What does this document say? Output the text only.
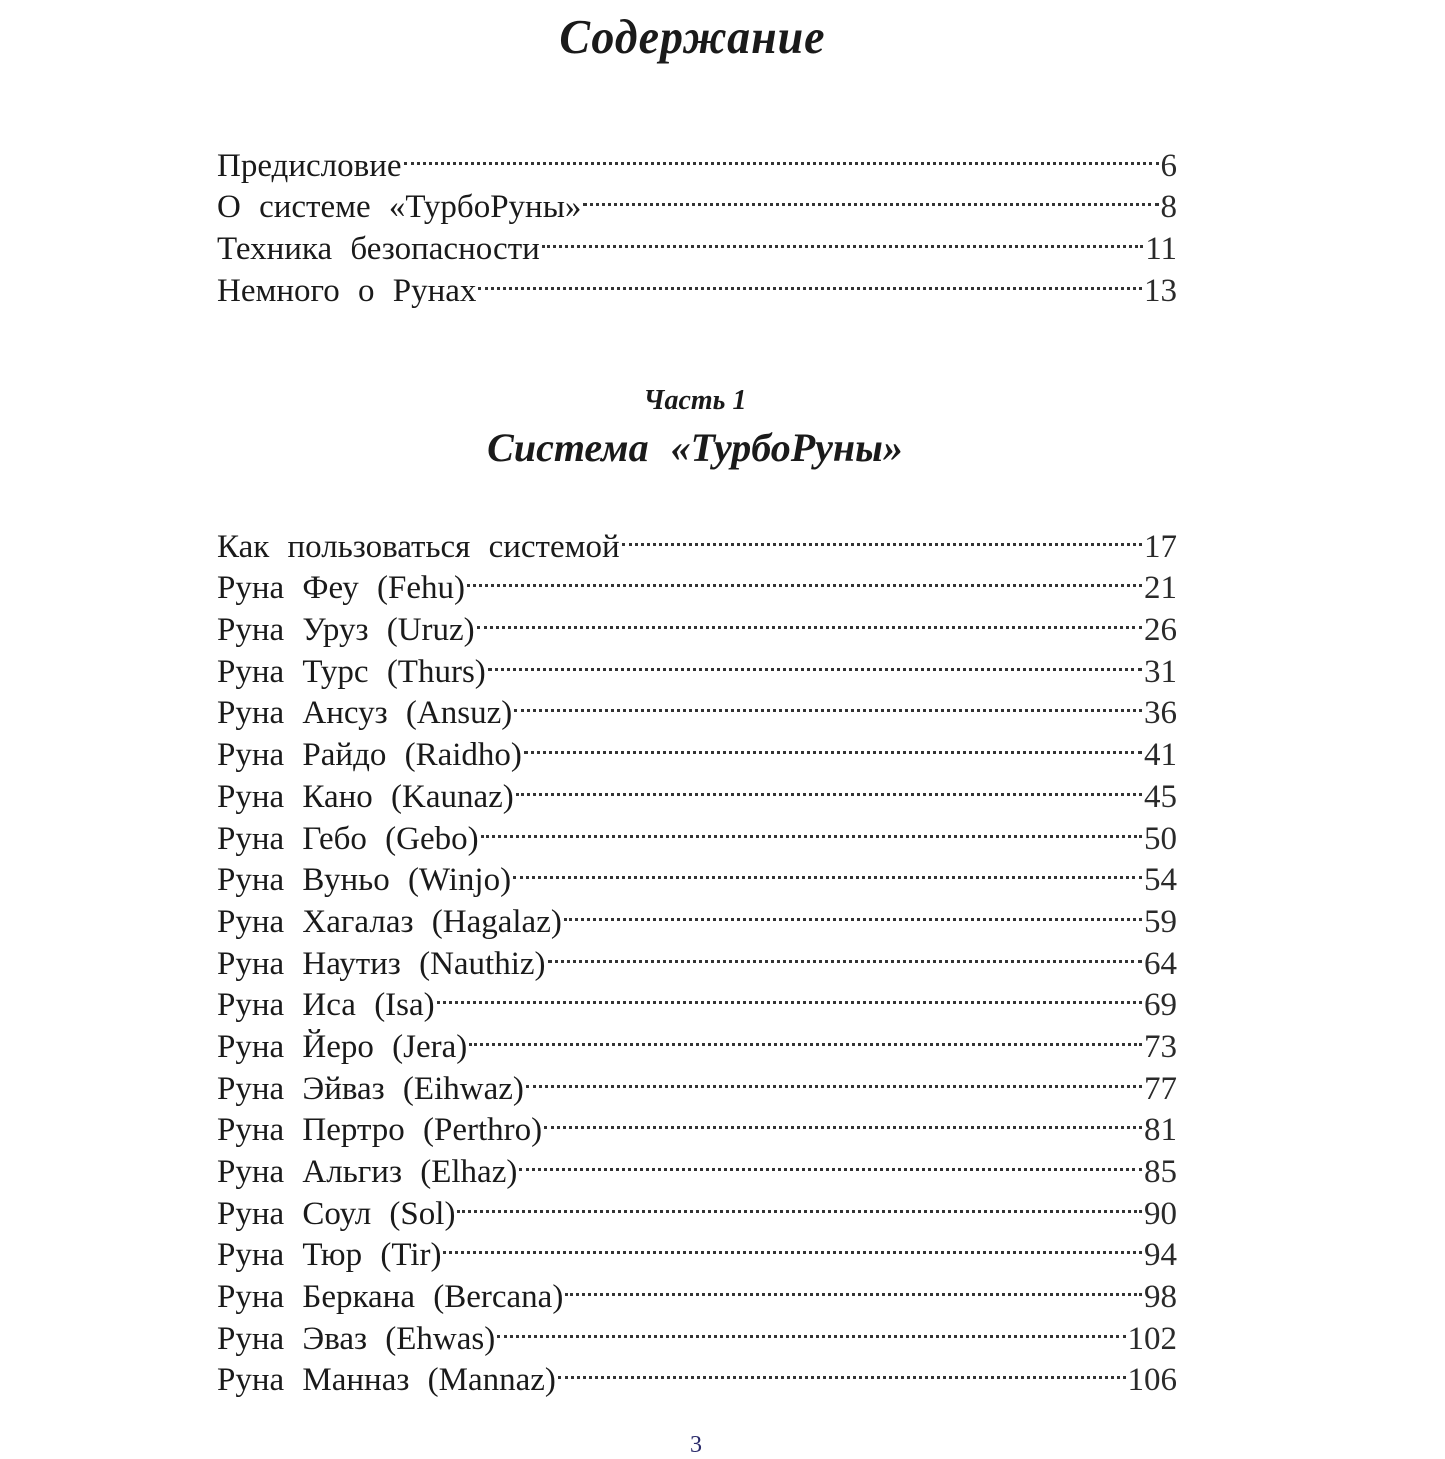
Содержание
Предисловие	6
О системе «ТурбоРуны»	8
Техника безопасности	11
Немного о Рунах	13
Часть 1
Система «ТурбоРуны»
Как пользоваться системой	17
Руна Феу (Fehu)	21
Руна Уруз (Uruz)	26
Руна Турс (Thurs)	31
Руна Ансуз (Ansuz)	36
Руна Райдо (Raidho)	41
Руна Кано (Kaunaz)	45
Руна Гебо (Gebo)	50
Руна Вуньо (Winjo)	54
Руна Хагалаз (Hagalaz)	59
Руна Наутиз (Nauthiz)	64
Руна Иса (Isa)	69
Руна Йеро (Jera)	73
Руна Эйваз (Eihwaz)	77
Руна Пертро (Perthro)	81
Руна Альгиз (Elhaz)	85
Руна Соул (Sol)	90
Руна Тюр (Tir)	94
Руна Беркана (Bercana)	98
Руна Эваз (Ehwas)	102
Руна Манназ (Mannaz)	106
3
